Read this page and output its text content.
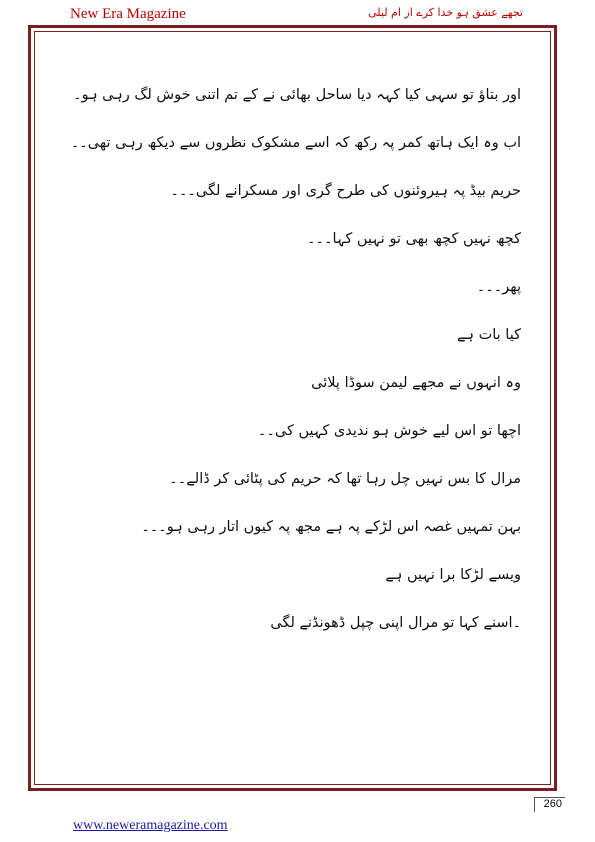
New Era Magazine	تجھے عشق ہو خدا کرے از ام لیلی

اور بتاؤ تو سہی کیا کہہ دیا ساحل بھائی نے کے تم اتنی خوش لگ رہی ہو۔

اب وہ ایک ہاتھ کمر پہ رکھ کہ اسے مشکوک نظروں سے دیکھ رہی تھی۔۔

حریم بیڈ پہ ہیروئنوں کی طرح گری اور مسکرانے لگی۔۔۔

کچھ نہیں کچھ بھی تو نہیں کہا۔۔۔

پھر۔۔۔

کیا بات ہے

وہ انہوں نے مجھے لیمن سوڈا پلائی

اچھا تو اس لیے خوش ہو ندیدی کہیں کی۔۔

مرال کا بس نہیں چل رہا تھا کہ حریم کی پٹائی کر ڈالے۔۔

بہن تمہیں غصہ اس لڑکے پہ ہے مجھ پہ کیوں اتار رہی ہو۔۔۔

ویسے لڑکا برا نہیں ہے

۔اسنے کہا تو مرال اپنی چپل ڈھونڈنے لگی

260
www.neweramagazine.com
